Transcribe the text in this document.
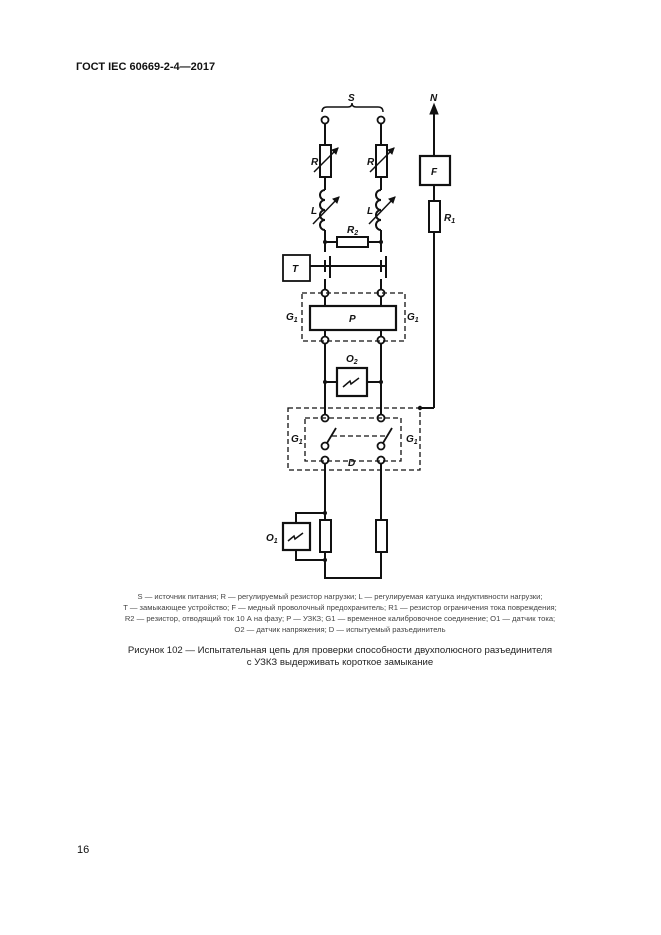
ГОСТ IEC 60669-2-4—2017
S
R	R
L	L
$R_2$
T
P
$G_1$	$G_1$
$O_2$
N
F
$R_1$
D
$G_1$	$G_1$
$O_1$
S — источник питания; R — регулируемый резистор нагрузки; L — регулируемая катушка индуктивности нагрузки;
T — замыкающее устройство; F — медный проволочный предохранитель; R1 — резистор ограничения тока повреждения;
R2 — резистор, отводящий ток 10 А на фазу; P — УЗКЗ; G1 — временное калибровочное соединение; O1 — датчик тока;
O2 — датчик напряжения; D — испытуемый разъединитель
Рисунок 102 — Испытательная цепь для проверки способности двухполюсного разъединителя
с УЗКЗ выдерживать короткое замыкание
16
